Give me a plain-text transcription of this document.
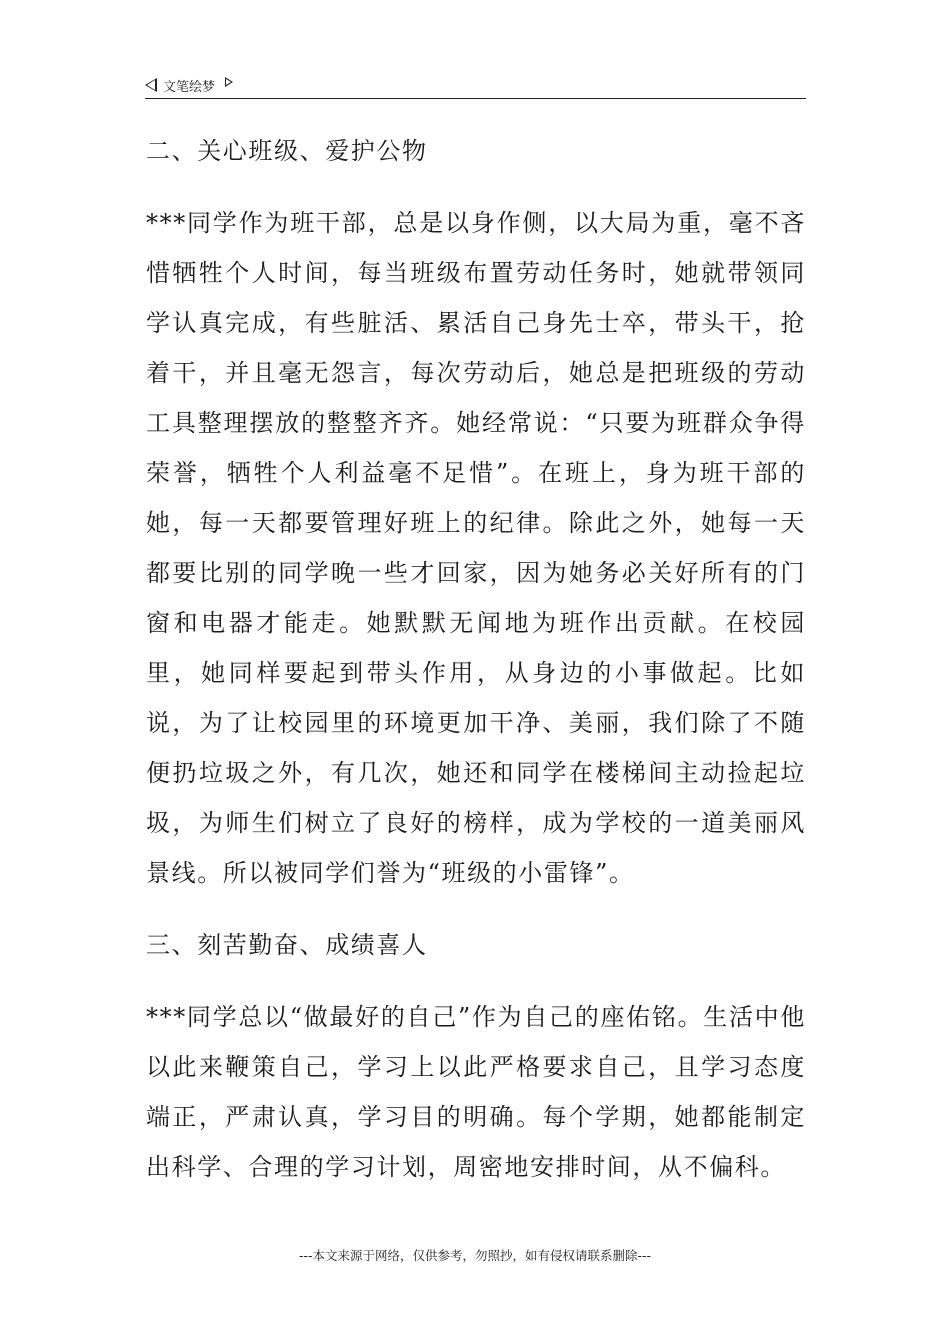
文笔绘梦

二、关心班级、爱护公物

***同学作为班干部，总是以身作侧，以大局为重，毫不吝惜牺牲个人时间，每当班级布置劳动任务时，她就带领同学认真完成，有些脏活、累活自己身先士卒，带头干，抢着干，并且毫无怨言，每次劳动后，她总是把班级的劳动工具整理摆放的整整齐齐。她经常说：“只要为班群众争得荣誉，牺牲个人利益毫不足惜”。在班上，身为班干部的她，每一天都要管理好班上的纪律。除此之外，她每一天都要比别的同学晚一些才回家，因为她务必关好所有的门窗和电器才能走。她默默无闻地为班作出贡献。在校园里，她同样要起到带头作用，从身边的小事做起。比如说，为了让校园里的环境更加干净、美丽，我们除了不随便扔垃圾之外，有几次，她还和同学在楼梯间主动捡起垃圾，为师生们树立了良好的榜样，成为学校的一道美丽风景线。所以被同学们誉为“班级的小雷锋”。

三、刻苦勤奋、成绩喜人

***同学总以“做最好的自己”作为自己的座佑铭。生活中他以此来鞭策自己，学习上以此严格要求自己，且学习态度端正，严肃认真，学习目的明确。每个学期，她都能制定出科学、合理的学习计划，周密地安排时间，从不偏科。

---本文来源于网络，仅供参考，勿照抄，如有侵权请联系删除---
